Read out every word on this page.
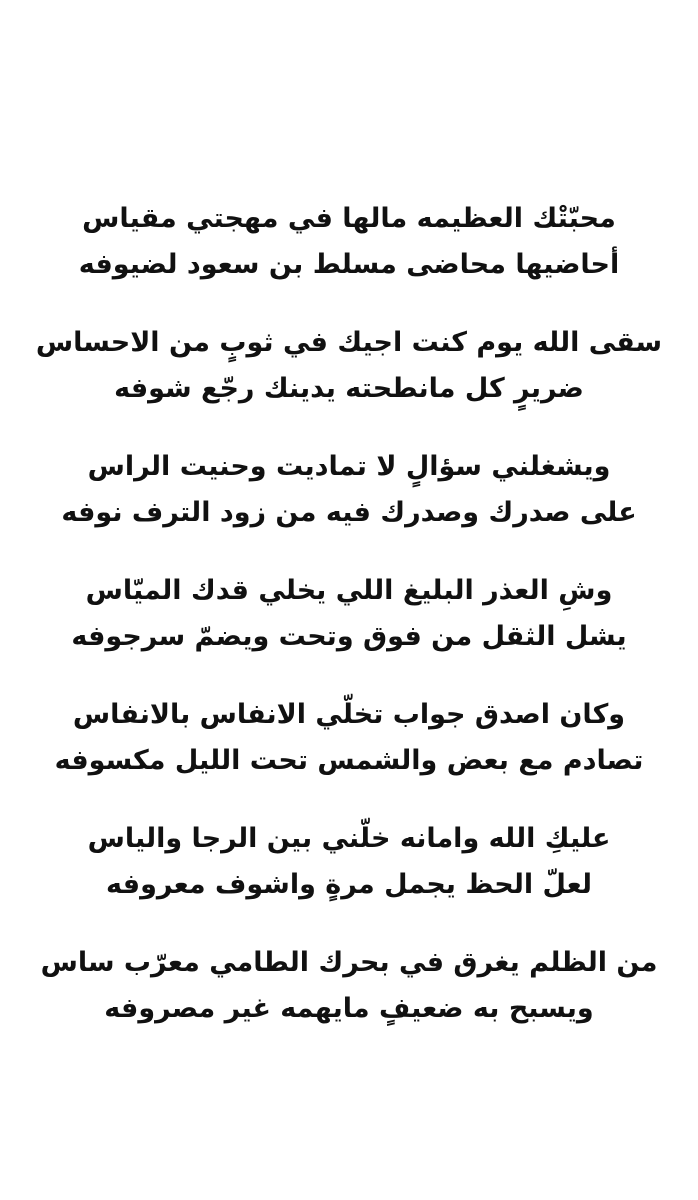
محبّتْك العظيمه مالها في مهجتي مقياس
أحاضيها محاضى مسلط بن سعود لضيوفه
سقى الله يوم كنت اجيك في ثوبٍ من الاحساس
ضريرٍ كل مانطحته يدينك رجّع شوفه
ويشغلني سؤالٍ لا تماديت وحنيت الراس
على صدرك وصدرك فيه من زود الترف نوفه
وشِ العذر البليغ اللي يخلي قدك الميّاس
يشل الثقل من فوق وتحت ويضمّ سرجوفه
وكان اصدق جواب تخلّي الانفاس بالانفاس
تصادم مع بعض والشمس تحت الليل مكسوفه
عليكِ الله وامانه خلّني بين الرجا والياس
لعلّ الحظ يجمل مرةٍ واشوف معروفه
من الظلم يغرق في بحرك الطامي معرّب ساس
ويسبح به ضعيفٍ مايهمه غير مصروفه
